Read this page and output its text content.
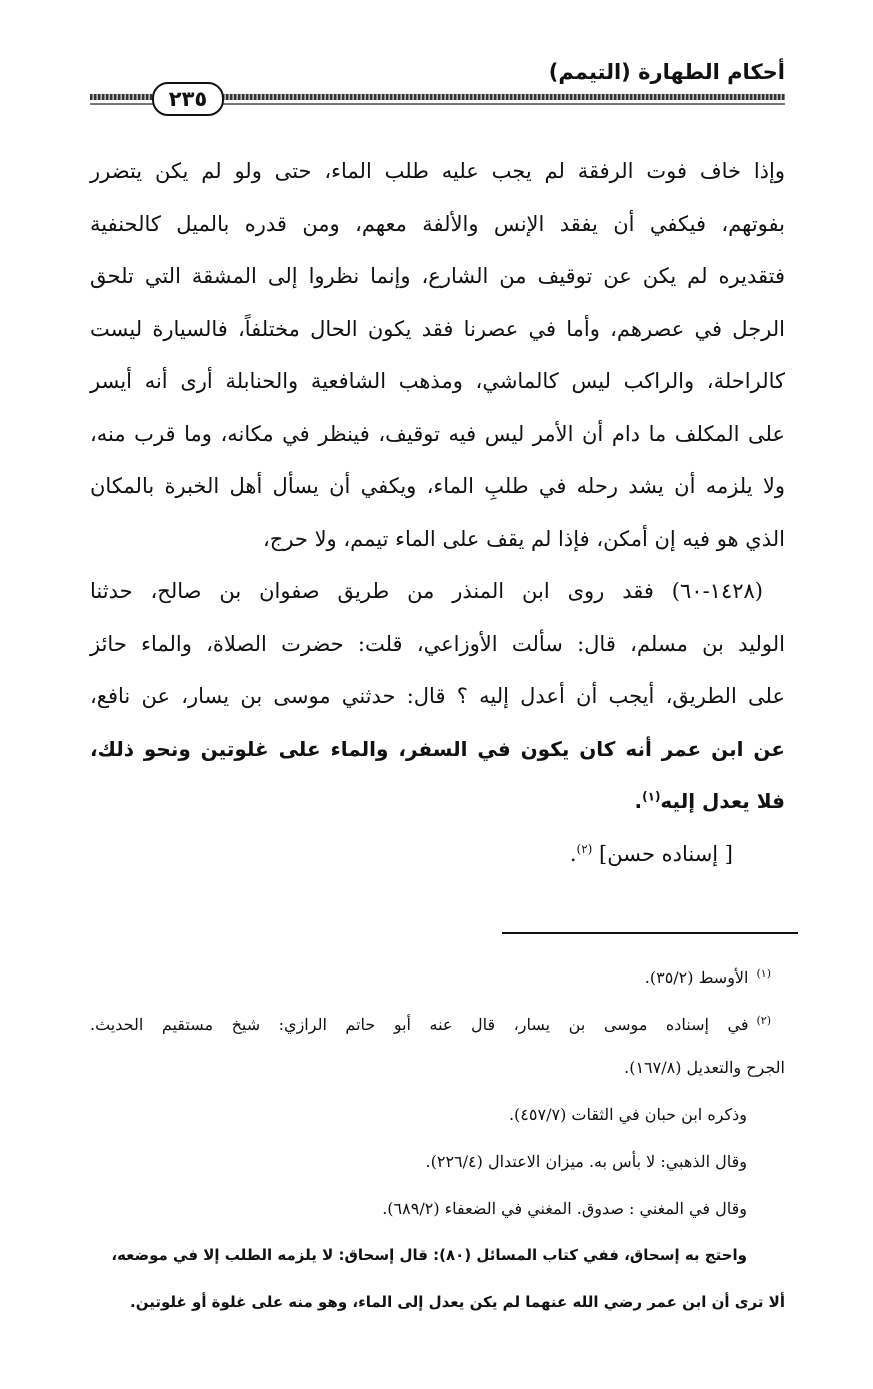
أحكام الطهارة (التيمم)
٢٣٥
وإذا خاف فوت الرفقة لم يجب عليه طلب الماء، حتى ولو لم يكن يتضرر
بفوتهم، فيكفي أن يفقد الإنس والألفة معهم، ومن قدره بالميل كالحنفية
فتقديره لم يكن عن توقيف من الشارع، وإنما نظروا إلى المشقة التي تلحق
الرجل في عصرهم، وأما في عصرنا فقد يكون الحال مختلفاً، فالسيارة ليست
كالراحلة، والراكب ليس كالماشي، ومذهب الشافعية والحنابلة أرى أنه أيسر
على المكلف ما دام أن الأمر ليس فيه توقيف، فينظر في مكانه، وما قرب منه،
ولا يلزمه أن يشد رحله في طلبِ الماء، ويكفي أن يسأل أهل الخبرة بالمكان
الذي هو فيه إن أمكن، فإذا لم يقف على الماء تيمم، ولا حرج،
(١٤٢٨-٦٠) فقد روى ابن المنذر من طريق صفوان بن صالح، حدثنا
الوليد بن مسلم، قال: سألت الأوزاعي، قلت: حضرت الصلاة، والماء حائز
على الطريق، أيجب أن أعدل إليه ؟ قال: حدثني موسى بن يسار، عن نافع،
عن ابن عمر أنه كان يكون في السفر، والماء على غلوتين ونحو ذلك،
فلا يعدل إليه$^{(١)}$.
[ إسناده حسن] $^{(٢)}$.
$^{(١)}$الأوسط (٣٥/٢).
$^{(٢)}$في إسناده موسى بن يسار، قال عنه أبو حاتم الرازي: شيخ مستقيم الحديث.
الجرح والتعديل (١٦٧/٨).
وذكره ابن حبان في الثقات (٤٥٧/٧).
وقال الذهبي: لا بأس به. ميزان الاعتدال (٢٢٦/٤).
وقال في المغني : صدوق. المغني في الضعفاء (٦٨٩/٢).
واحتج به إسحاق، ففي كتاب المسائل (٨٠): قال إسحاق: لا يلزمه الطلب إلا في موضعه،
ألا ترى أن ابن عمر رضي الله عنهما لم يكن يعدل إلى الماء، وهو منه على غلوة أو غلوتين.
